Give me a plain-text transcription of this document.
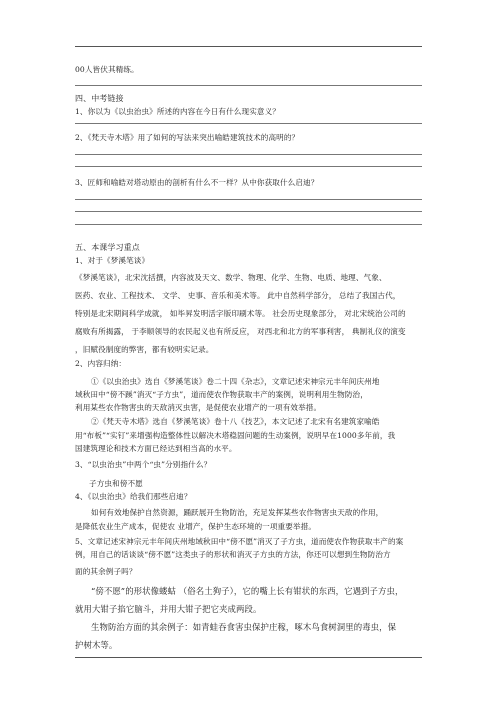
00人皆伏其精练。
四、中考链接
1、你以为《以虫治虫》所述的内容在今日有什么现实意义？
2、《梵天寺木塔》用了如何的写法来突出喻皓建筑技术的高明的？
3、匠师和喻皓对塔动原由的剖析有什么不一样？从中你获取什么启迪？
五、本课学习重点
1、对于《梦溪笔谈》
《梦溪笔谈》，北宋沈括撰，内容波及天文、数学、物理、化学、生物、电质、地理、气象、
医药、农业、工程技术、 文学、 史事、音乐和美术等。 此中自然科学部分， 总结了我国古代，
特别是北宋期间科学成就， 如毕昇发明活字版印刷术等。 社会历史现象部分， 对北宋统治公司的
腐败有所揭露， 于李顺领导的农民起义也有所反应， 对西北和北方的军事利害， 典制礼仪的演变
，旧赋役制度的弊害，都有较明实记录。
2、内容归纳：
①《以虫治虫》选自《梦溪笔谈》卷二十四《杂志》，文章记述宋神宗元丰年间庆州地
域秋田中“傍不蹊”消灭“子方虫”，道而使农作物获取丰产的案例，说明利用生物防治，
利用某些农作物害虫的天敌消灭虫害，是促使农业增产的一项有效举措。
②《梵天寺木塔》选自《梦溪笔谈》卷十八《技艺》，本文记述了北宋有名建筑家喻皓
用“布板”“实钉”来增强构造整体性以解决木塔稳固问题的生动案例，说明早在1000多年前，我
国建筑理论和技术方面已经达到相当高的水平。
3、“以虫治虫”中两个“虫”分别指什么？
子方虫和傍不愿
4、《以虫治虫》给我们那些启迪？
如何有效地保护自然资源，踊跃展开生物防治，充足发挥某些农作物害虫天敌的作用，
是降低农业生产成本，促使农 业增产，保护生态环境的一项重要举措。
5、文章记述宋神宗元丰年间庆州地域秋田中“傍不愿”消灭了子方虫，道而使农作物获取丰产的案
例，用自己的话谈谈“傍不愿”这类虫子的形状和消灭子方虫的方法，你还可以想到生物防治方
面的其余例子吗？
“傍不愿”的形状像蝼蛄 （俗名土狗子），它的嘴上长有钳状的东西，它遇到子方虫，
就用大钳子掐它脑斗，并用大钳子把它夹成两段。
生物防治方面的其余例子：如青蛙吞食害虫保护庄稼，啄木鸟食树洞里的毒虫，保
护树木等。
